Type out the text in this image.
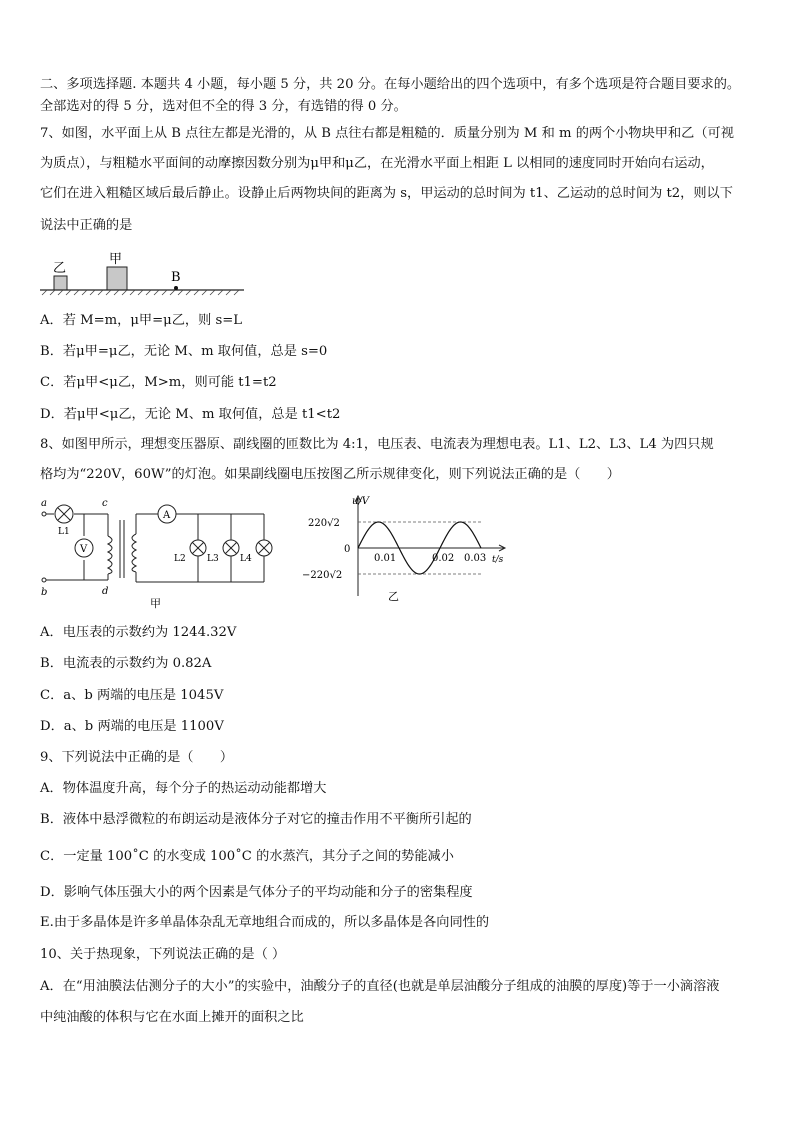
二、多项选择题. 本题共 4 小题，每小题 5 分，共 20 分。在每小题给出的四个选项中，有多个选项是符合题目要求的。
全部选对的得 5 分，选对但不全的得 3 分，有选错的得 0 分。
7、如图，水平面上从 B 点往左都是光滑的，从 B 点往右都是粗糙的．质量分别为 M 和 m 的两个小物块甲和乙（可视
为质点），与粗糙水平面间的动摩擦因数分别为μ甲和μ乙，在光滑水平面上相距 L 以相同的速度同时开始向右运动，
它们在进入粗糙区域后最后静止。设静止后两物块间的距离为 s，甲运动的总时间为 t1、乙运动的总时间为 t2，则以下
说法中正确的是
乙
甲
B
A．若 M=m，μ甲=μ乙，则 s=L
B．若μ甲=μ乙，无论 M、m 取何值，总是 s=0
C．若μ甲<μ乙，M>m，则可能 t1=t2
D．若μ甲<μ乙，无论 M、m 取何值，总是 t1<t2
8、如图甲所示，理想变压器原、副线圈的匝数比为 4:1，电压表、电流表为理想电表。L1、L2、L3、L4 为四只规
格均为“220V，60W”的灯泡。如果副线圈电压按图乙所示规律变化，则下列说法正确的是（　　）
V
A
a
b
c
d
L1
L2 L3 L4
甲
u/V
t/s
220√2
0
−220√2
0.01	0.02 0.03
乙
A．电压表的示数约为 1244.32V
B．电流表的示数约为 0.82A
C．a、b 两端的电压是 1045V
D．a、b 两端的电压是 1100V
9、下列说法中正确的是（　　）
A．物体温度升高，每个分子的热运动动能都增大
B．液体中悬浮微粒的布朗运动是液体分子对它的撞击作用不平衡所引起的
C．一定量 100˚C 的水变成 100˚C 的水蒸汽，其分子之间的势能减小
D．影响气体压强大小的两个因素是气体分子的平均动能和分子的密集程度
E.由于多晶体是许多单晶体杂乱无章地组合而成的，所以多晶体是各向同性的
10、关于热现象，下列说法正确的是（ ）
A．在“用油膜法估测分子的大小”的实验中，油酸分子的直径(也就是单层油酸分子组成的油膜的厚度)等于一小滴溶液
中纯油酸的体积与它在水面上摊开的面积之比
